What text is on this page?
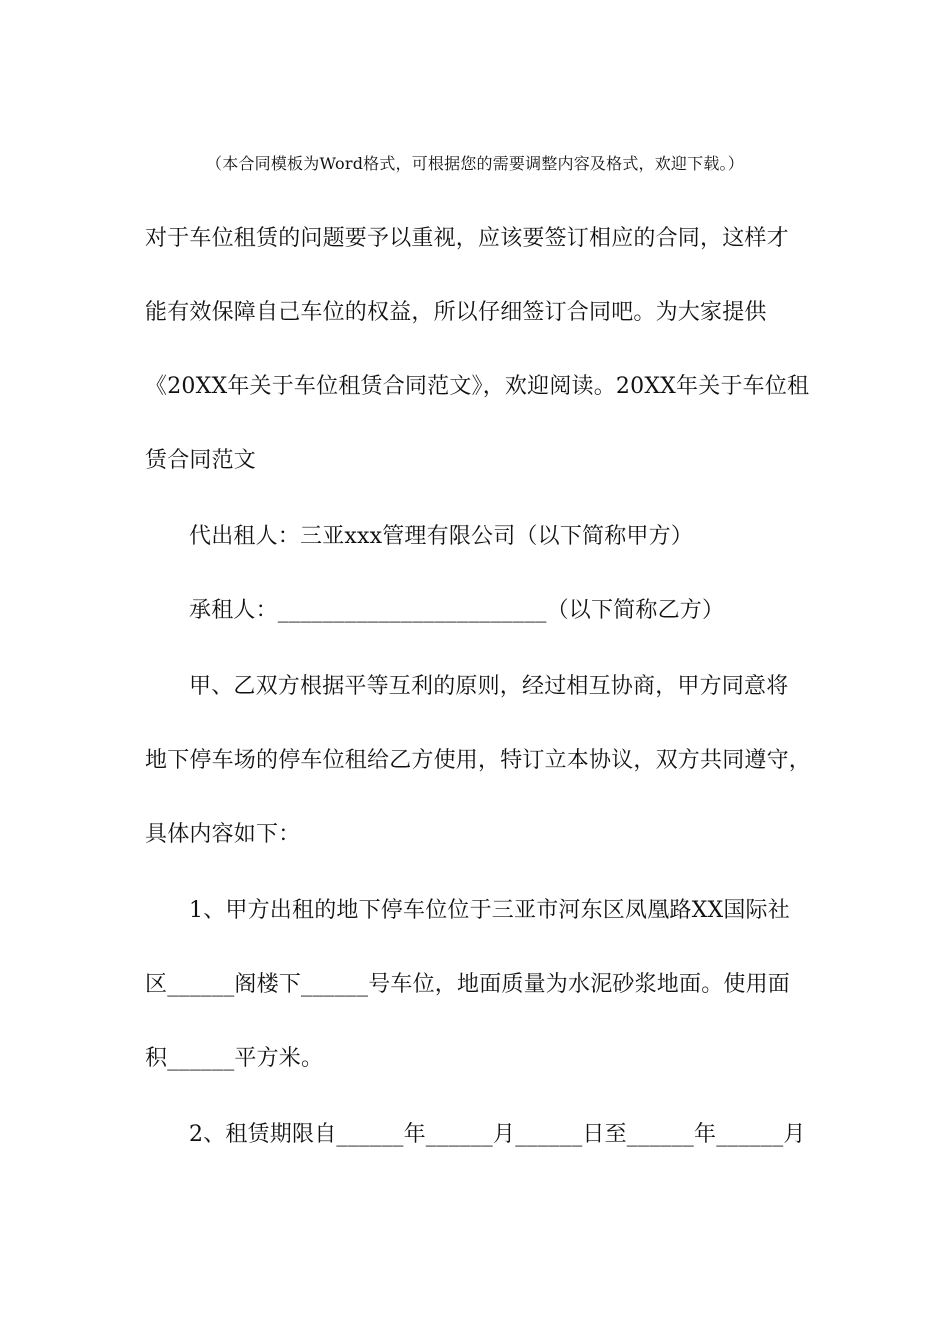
（本合同模板为Word格式，可根据您的需要调整内容及格式，欢迎下载。）
对于车位租赁的问题要予以重视，应该要签订相应的合同，这样才
能有效保障自己车位的权益，所以仔细签订合同吧。为大家提供
《20XX年关于车位租赁合同范文》，欢迎阅读。20XX年关于车位租
赁合同范文
代出租人：三亚xxx管理有限公司（以下简称甲方）
承租人：________________________（以下简称乙方）
甲、乙双方根据平等互利的原则，经过相互协商，甲方同意将
地下停车场的停车位租给乙方使用，特订立本协议，双方共同遵守，
具体内容如下：
1、甲方出租的地下停车位位于三亚市河东区凤凰路XX国际社
区______阁楼下______号车位，地面质量为水泥砂浆地面。使用面
积______平方米。
2、租赁期限自______年______月______日至______年______月
